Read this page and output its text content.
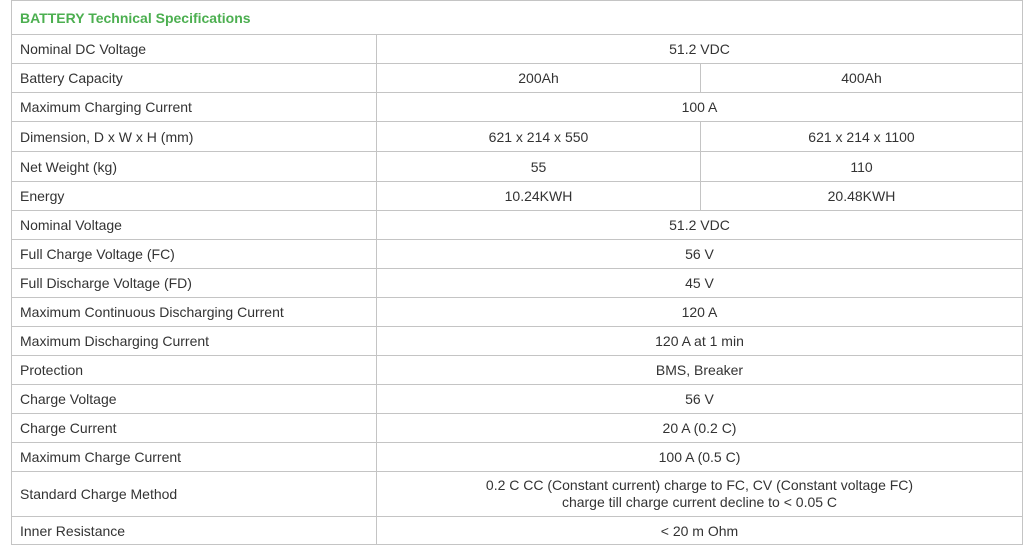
BATTERY Technical Specifications		
Nominal DC Voltage	51.2 VDC	
Battery Capacity	200Ah	400Ah
Maximum Charging Current	100 A	
Dimension, D x W x H (mm)	621 x 214 x 550	621 x 214 x 1100
Net Weight (kg)	55	110
Energy	10.24KWH	20.48KWH
Nominal Voltage	51.2 VDC	
Full Charge Voltage (FC)	56 V	
Full Discharge Voltage (FD)	45 V	
Maximum Continuous Discharging Current	120 A	
Maximum Discharging Current	120 A at 1 min	
Protection	BMS, Breaker	
Charge Voltage	56 V	
Charge Current	20 A (0.2 C)	
Maximum Charge Current	100 A (0.5 C)	
Standard Charge Method	0.2 C CC (Constant current) charge to FC, CV (Constant voltage FC)
charge till charge current decline to < 0.05 C	

Inner Resistance	< 20 m Ohm	
